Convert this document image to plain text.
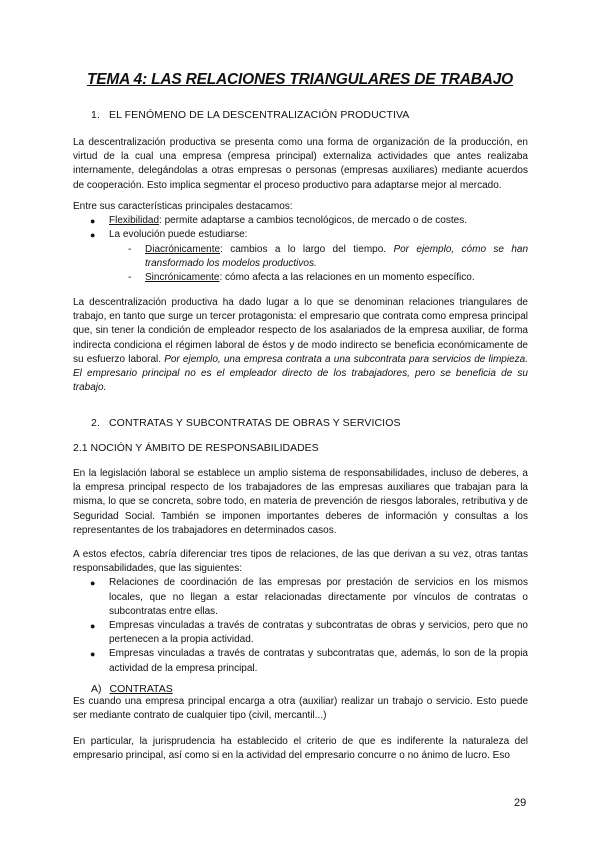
TEMA 4: LAS RELACIONES TRIANGULARES DE TRABAJO
1. EL FENÓMENO DE LA DESCENTRALIZACIÓN PRODUCTIVA
La descentralización productiva se presenta como una forma de organización de la producción, en virtud de la cual una empresa (empresa principal) externaliza actividades que antes realizaba internamente, delegándolas a otras empresas o personas (empresas auxiliares) mediante acuerdos de cooperación. Esto implica segmentar el proceso productivo para adaptarse mejor al mercado.
Entre sus características principales destacamos:
● Flexibilidad: permite adaptarse a cambios tecnológicos, de mercado o de costes.
● La evolución puede estudiarse:
- Diacrónicamente: cambios a lo largo del tiempo. Por ejemplo, cómo se han transformado los modelos productivos.
- Sincrónicamente: cómo afecta a las relaciones en un momento específico.
La descentralización productiva ha dado lugar a lo que se denominan relaciones triangulares de trabajo, en tanto que surge un tercer protagonista: el empresario que contrata como empresa principal que, sin tener la condición de empleador respecto de los asalariados de la empresa auxiliar, de forma indirecta condiciona el régimen laboral de éstos y de modo indirecto se beneficia económicamente de su esfuerzo laboral. Por ejemplo, una empresa contrata a una subcontrata para servicios de limpieza. El empresario principal no es el empleador directo de los trabajadores, pero se beneficia de su trabajo.
2. CONTRATAS Y SUBCONTRATAS DE OBRAS Y SERVICIOS
2.1 NOCIÓN Y ÁMBITO DE RESPONSABILIDADES
En la legislación laboral se establece un amplio sistema de responsabilidades, incluso de deberes, a la empresa principal respecto de los trabajadores de las empresas auxiliares que trabajan para la misma, lo que se concreta, sobre todo, en materia de prevención de riesgos laborales, retributiva y de Seguridad Social. También se imponen importantes deberes de información y consultas a los representantes de los trabajadores en determinados casos.
A estos efectos, cabría diferenciar tres tipos de relaciones, de las que derivan a su vez, otras tantas responsabilidades, que las siguientes:
● Relaciones de coordinación de las empresas por prestación de servicios en los mismos locales, que no llegan a estar relacionadas directamente por vínculos de contratas o subcontratas entre ellas.
● Empresas vinculadas a través de contratas y subcontratas de obras y servicios, pero que no pertenecen a la propia actividad.
● Empresas vinculadas a través de contratas y subcontratas que, además, lo son de la propia actividad de la empresa principal.
A) CONTRATAS
Es cuando una empresa principal encarga a otra (auxiliar) realizar un trabajo o servicio. Esto puede ser mediante contrato de cualquier tipo (civil, mercantil...)
En particular, la jurisprudencia ha establecido el criterio de que es indiferente la naturaleza del empresario principal, así como si en la actividad del empresario concurre o no ánimo de lucro. Eso
29
